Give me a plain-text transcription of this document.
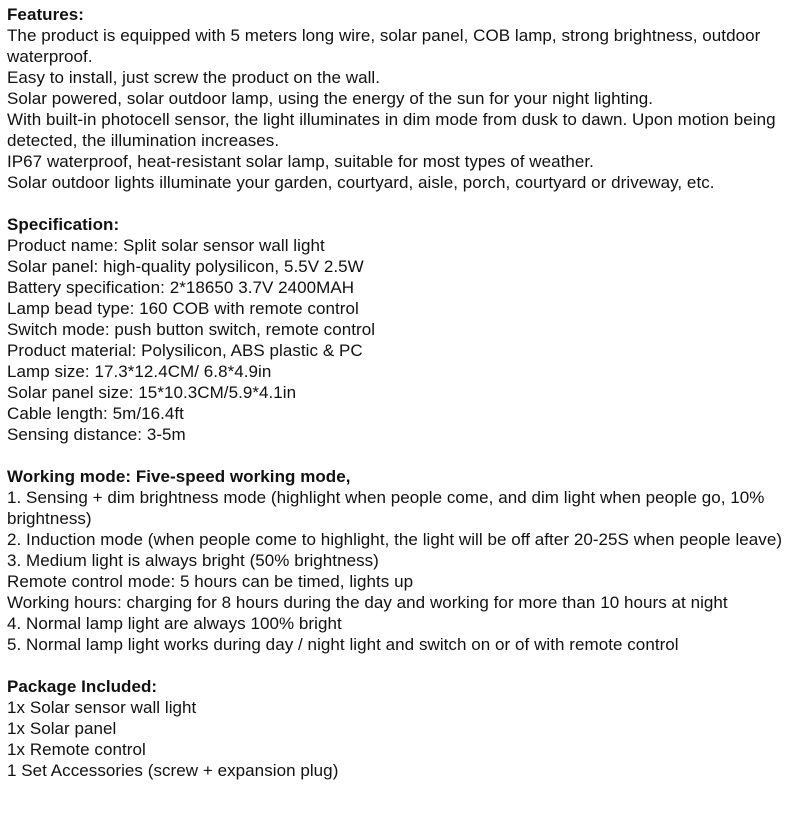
Features:

The product is equipped with 5 meters long wire, solar panel, COB lamp, strong brightness, outdoor waterproof.
Easy to install, just screw the product on the wall.
Solar powered, solar outdoor lamp, using the energy of the sun for your night lighting.
With built-in photocell sensor, the light illuminates in dim mode from dusk to dawn. Upon motion being detected, the illumination increases.
IP67 waterproof, heat-resistant solar lamp, suitable for most types of weather.
Solar outdoor lights illuminate your garden, courtyard, aisle, porch, courtyard or driveway, etc.

Specification:

Product name: Split solar sensor wall light
Solar panel: high-quality polysilicon, 5.5V 2.5W
Battery specification: 2*18650 3.7V 2400MAH
Lamp bead type: 160 COB with remote control
Switch mode: push button switch, remote control
Product material: Polysilicon, ABS plastic & PC
Lamp size: 17.3*12.4CM/ 6.8*4.9in
Solar panel size: 15*10.3CM/5.9*4.1in
Cable length: 5m/16.4ft
Sensing distance: 3-5m

Working mode: Five-speed working mode,

1. Sensing + dim brightness mode (highlight when people come, and dim light when people go, 10% brightness)
2. Induction mode (when people come to highlight, the light will be off after 20-25S when people leave)
3. Medium light is always bright (50% brightness)
Remote control mode: 5 hours can be timed, lights up
Working hours: charging for 8 hours during the day and working for more than 10 hours at night
4. Normal lamp light are always 100% bright
5. Normal lamp light works during day / night light and switch on or of with remote control

Package Included:

1x Solar sensor wall light
1x Solar panel
1x Remote control
1 Set Accessories (screw + expansion plug)
